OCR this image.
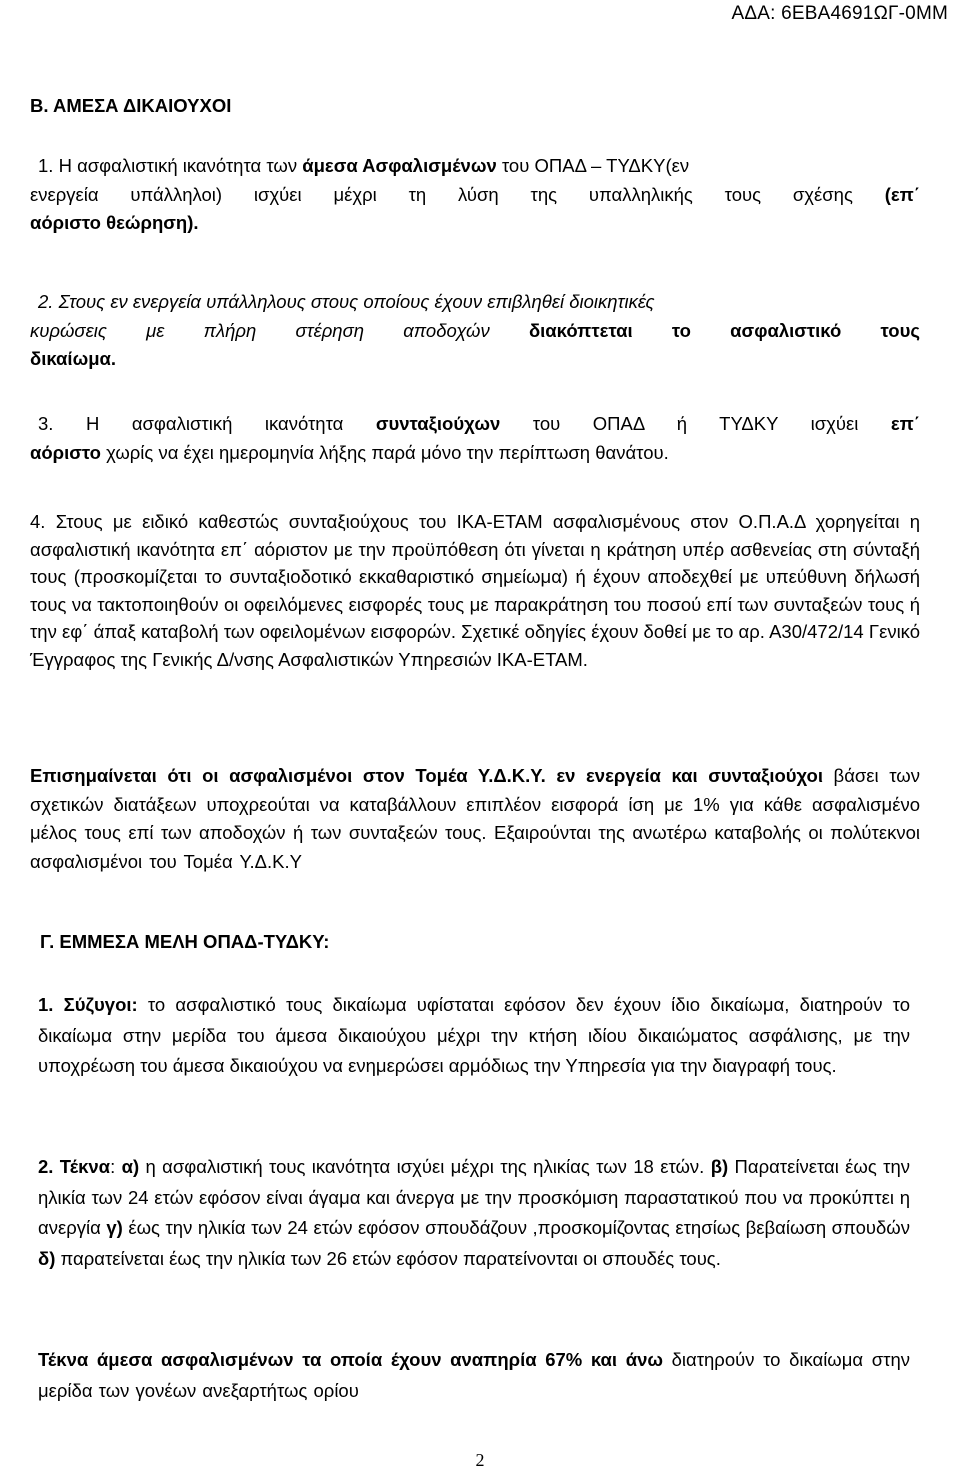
ΑΔΑ: 6ΕΒΑ4691ΩΓ-0ΜΜ
Β. ΑΜΕΣΑ ΔΙΚΑΙΟΥΧΟΙ
1. Η ασφαλιστική ικανότητα των άμεσα Ασφαλισμένων του ΟΠΑΔ – ΤΥΔΚΥ(εν
ενεργεία υπάλληλοι) ισχύει μέχρι τη λύση της υπαλληλικής τους σχέσης (επ΄
αόριστο θεώρηση).
2. Στους εν ενεργεία υπάλληλους στους οποίους έχουν επιβληθεί διοικητικές
κυρώσεις με πλήρη στέρηση αποδοχών διακόπτεται το ασφαλιστικό τους
δικαίωμα.
3. Η ασφαλιστική ικανότητα συνταξιούχων του ΟΠΑΔ ή ΤΥΔΚΥ ισχύει επ΄
αόριστο χωρίς να έχει ημερομηνία λήξης παρά μόνο την περίπτωση θανάτου.
4. Στους με ειδικό καθεστώς συνταξιούχους του ΙΚΑ-ΕΤΑΜ ασφαλισμένους στον Ο.Π.Α.Δ χορηγείται η ασφαλιστική ικανότητα επ΄ αόριστον με την προϋπόθεση ότι γίνεται η κράτηση υπέρ ασθενείας στη σύνταξή τους (προσκομίζεται το συνταξιοδοτικό εκκαθαριστικό σημείωμα) ή έχουν αποδεχθεί με υπεύθυνη δήλωσή τους να τακτοποιηθούν οι οφειλόμενες εισφορές τους με παρακράτηση του ποσού επί των συνταξεών τους ή την εφ΄ άπαξ καταβολή των οφειλομένων εισφορών. Σχετικέ οδηγίες έχουν δοθεί με το αρ. Α30/472/14 Γενικό Έγγραφος της Γενικής Δ/νσης Ασφαλιστικών Υπηρεσιών ΙΚΑ-ΕΤΑΜ.
Επισημαίνεται ότι οι ασφαλισμένοι στον Τομέα Υ.Δ.Κ.Υ. εν ενεργεία και συνταξιούχοι βάσει των σχετικών διατάξεων υποχρεούται να καταβάλλουν επιπλέον εισφορά ίση με 1% για κάθε ασφαλισμένο μέλος τους επί των αποδοχών ή των συνταξεών τους. Εξαιρούνται της ανωτέρω καταβολής οι πολύτεκνοι ασφαλισμένοι του Τομέα Υ.Δ.Κ.Υ
Γ. ΕΜΜΕΣΑ ΜΕΛΗ ΟΠΑΔ-ΤΥΔΚΥ:
1. Σύζυγοι: το ασφαλιστικό τους δικαίωμα υφίσταται εφόσον δεν έχουν ίδιο δικαίωμα, διατηρούν το δικαίωμα στην μερίδα του άμεσα δικαιούχου μέχρι την κτήση ιδίου δικαιώματος ασφάλισης, με την υποχρέωση του άμεσα δικαιούχου να ενημερώσει αρμόδιως την Υπηρεσία για την διαγραφή τους.
2. Τέκνα: α) η ασφαλιστική τους ικανότητα ισχύει μέχρι της ηλικίας των 18 ετών. β) Παρατείνεται έως την ηλικία των 24 ετών εφόσον είναι άγαμα και άνεργα με την προσκόμιση παραστατικού που να προκύπτει η ανεργία γ) έως την ηλικία των 24 ετών εφόσον σπουδάζουν ,προσκομίζοντας ετησίως βεβαίωση σπουδών δ) παρατείνεται έως την ηλικία των 26 ετών εφόσον παρατείνονται οι σπουδές τους.
Τέκνα άμεσα ασφαλισμένων τα οποία έχουν αναπηρία 67% και άνω διατηρούν το δικαίωμα στην μερίδα των γονέων ανεξαρτήτως ορίου
2
